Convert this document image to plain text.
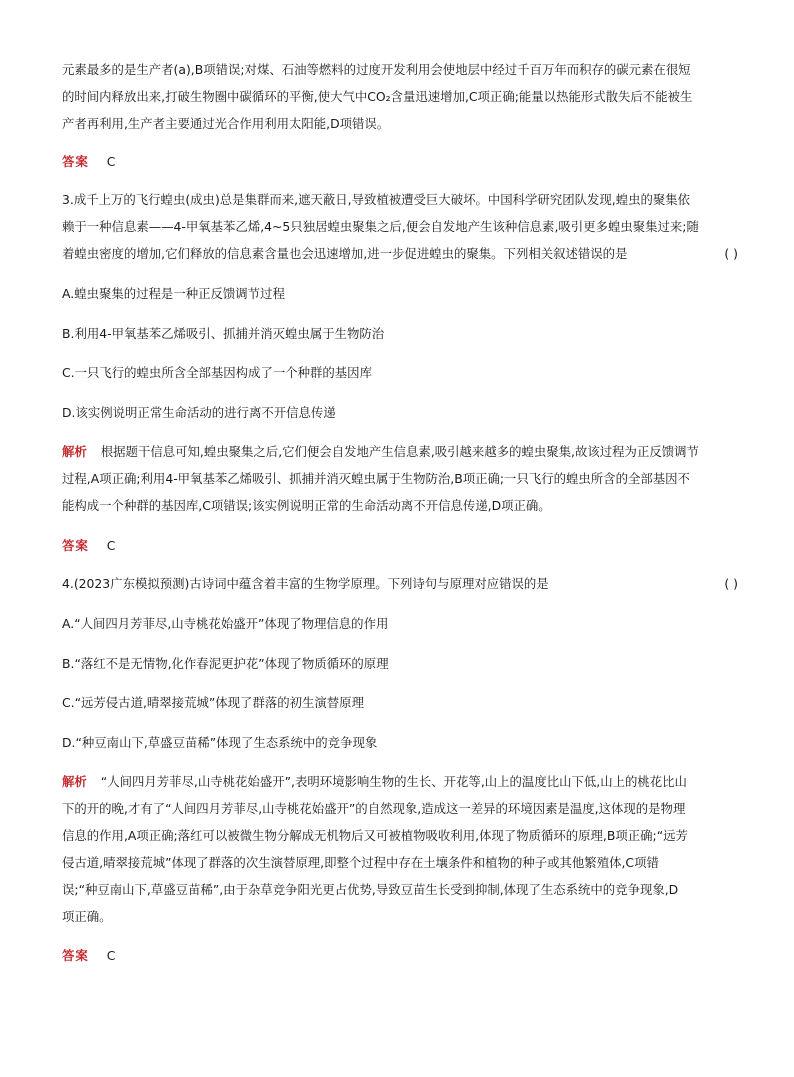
元素最多的是生产者(a),B项错误;对煤、石油等燃料的过度开发利用会使地层中经过千百万年而积存的碳元素在很短
的时间内释放出来,打破生物圈中碳循环的平衡,使大气中CO₂含量迅速增加,C项正确;能量以热能形式散失后不能被生
产者再利用,生产者主要通过光合作用利用太阳能,D项错误。
答案 C
3.成千上万的飞行蝗虫(成虫)总是集群而来,遮天蔽日,导致植被遭受巨大破坏。中国科学研究团队发现,蝗虫的聚集依
赖于一种信息素——4-甲氧基苯乙烯,4~5只独居蝗虫聚集之后,便会自发地产生该种信息素,吸引更多蝗虫聚集过来;随
着蝗虫密度的增加,它们释放的信息素含量也会迅速增加,进一步促进蝗虫的聚集。下列相关叙述错误的是	( )
A.蝗虫聚集的过程是一种正反馈调节过程
B.利用4-甲氧基苯乙烯吸引、抓捕并消灭蝗虫属于生物防治
C.一只飞行的蝗虫所含全部基因构成了一个种群的基因库
D.该实例说明正常生命活动的进行离不开信息传递
解析 根据题干信息可知,蝗虫聚集之后,它们便会自发地产生信息素,吸引越来越多的蝗虫聚集,故该过程为正反馈调节
过程,A项正确;利用4-甲氧基苯乙烯吸引、抓捕并消灭蝗虫属于生物防治,B项正确;一只飞行的蝗虫所含的全部基因不
能构成一个种群的基因库,C项错误;该实例说明正常的生命活动离不开信息传递,D项正确。
答案 C
4.(2023广东模拟预测)古诗词中蕴含着丰富的生物学原理。下列诗句与原理对应错误的是	( )
A.“人间四月芳菲尽,山寺桃花始盛开”体现了物理信息的作用
B.“落红不是无情物,化作春泥更护花”体现了物质循环的原理
C.“远芳侵古道,晴翠接荒城”体现了群落的初生演替原理
D.“种豆南山下,草盛豆苗稀”体现了生态系统中的竞争现象
解析 “人间四月芳菲尽,山寺桃花始盛开”,表明环境影响生物的生长、开花等,山上的温度比山下低,山上的桃花比山
下的开的晚,才有了“人间四月芳菲尽,山寺桃花始盛开”的自然现象,造成这一差异的环境因素是温度,这体现的是物理
信息的作用,A项正确;落红可以被微生物分解成无机物后又可被植物吸收利用,体现了物质循环的原理,B项正确;“远芳
侵古道,晴翠接荒城”体现了群落的次生演替原理,即整个过程中存在土壤条件和植物的种子或其他繁殖体,C项错
误;“种豆南山下,草盛豆苗稀”,由于杂草竞争阳光更占优势,导致豆苗生长受到抑制,体现了生态系统中的竞争现象,D
项正确。
答案 C
